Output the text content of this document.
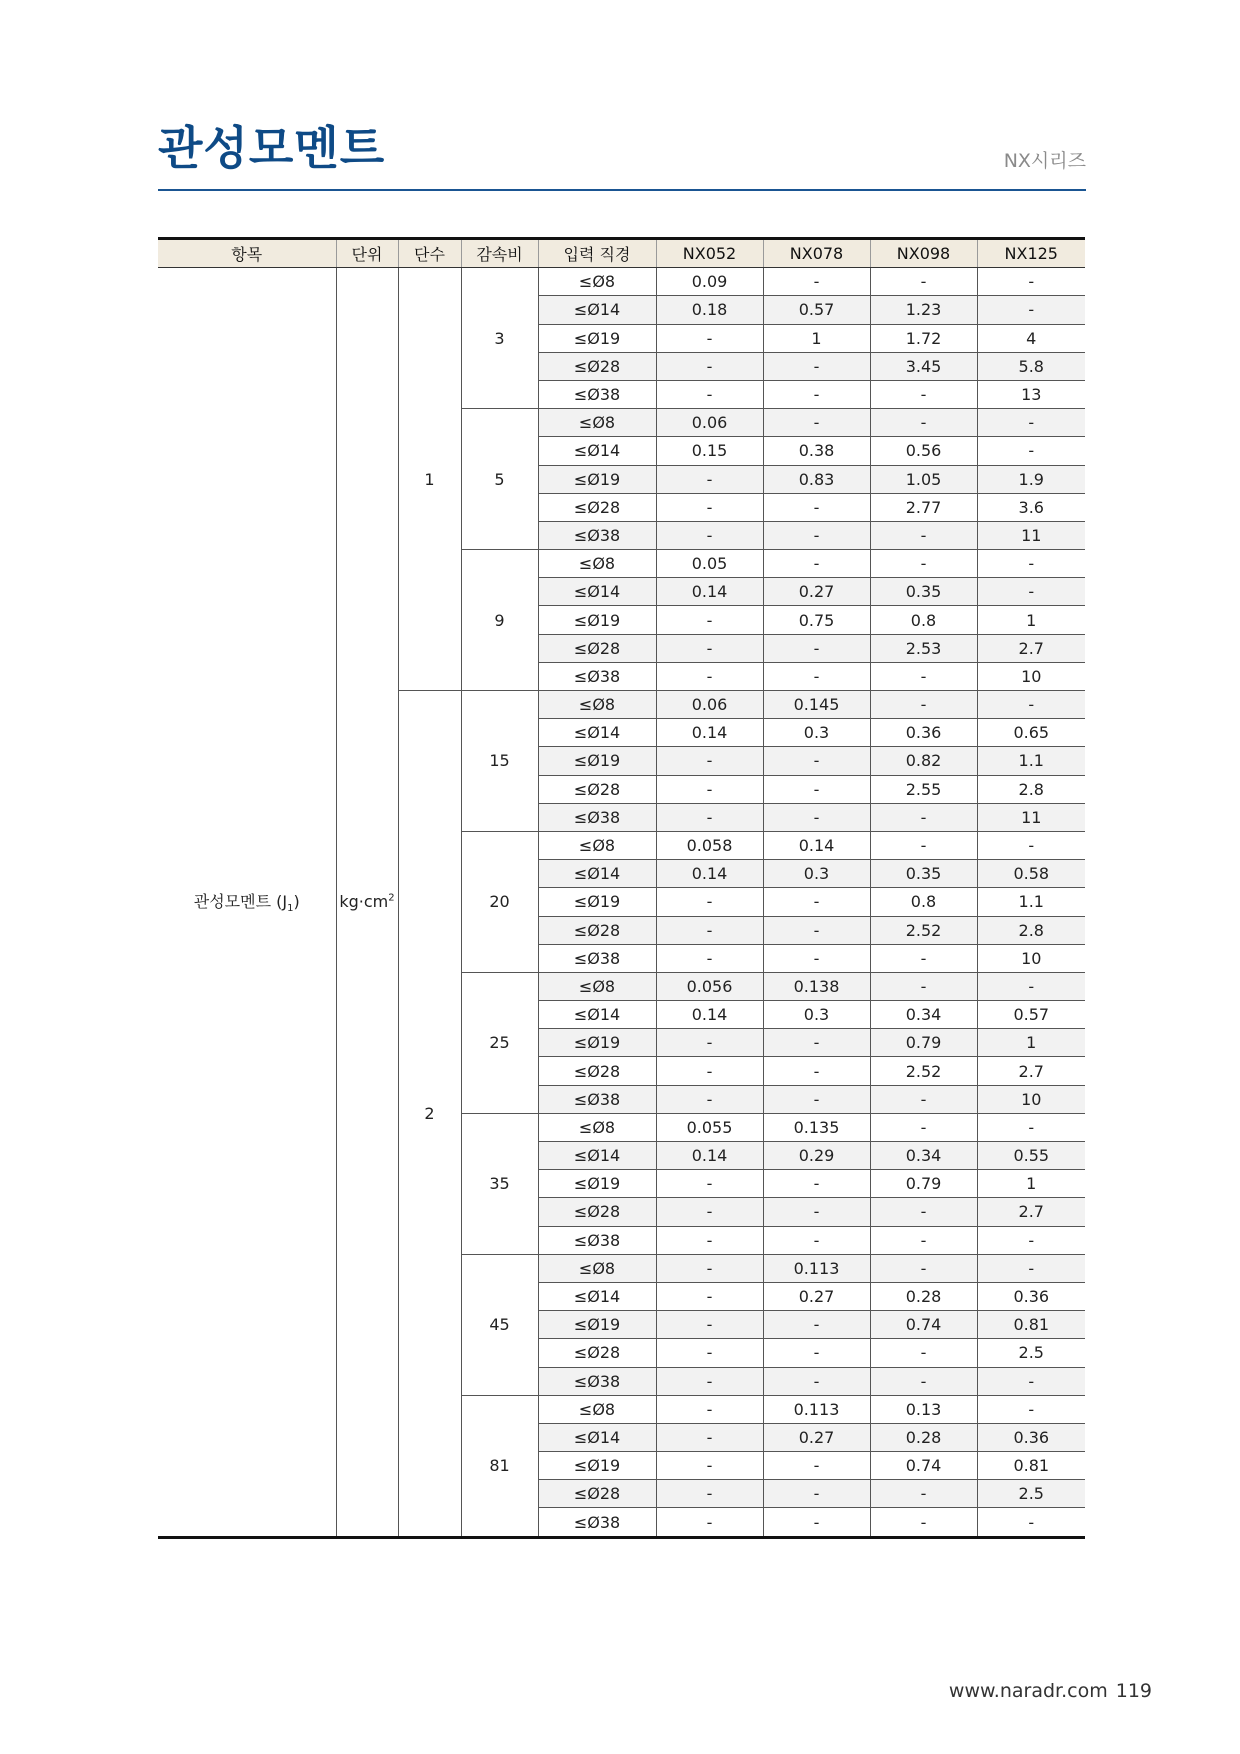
관성모멘트	NX시리즈
항목	단위	단수	감속비	입력 직경	NX052	NX078	NX098	NX125
관성모멘트 $(J_1)$	$kg\cdot cm^2$	1	3	≤Ø8	0.09	-	-	-
				≤Ø14	0.18	0.57	1.23	-
				≤Ø19	-	1	1.72	4
				≤Ø28	-	-	3.45	5.8
				≤Ø38	-	-	-	13
			5	≤Ø8	0.06	-	-	-
				≤Ø14	0.15	0.38	0.56	-
				≤Ø19	-	0.83	1.05	1.9
				≤Ø28	-	-	2.77	3.6
				≤Ø38	-	-	-	11
			9	≤Ø8	0.05	-	-	-
				≤Ø14	0.14	0.27	0.35	-
				≤Ø19	-	0.75	0.8	1
				≤Ø28	-	-	2.53	2.7
				≤Ø38	-	-	-	10
		2	15	≤Ø8	0.06	0.145	-	-
				≤Ø14	0.14	0.3	0.36	0.65
				≤Ø19	-	-	0.82	1.1
				≤Ø28	-	-	2.55	2.8
				≤Ø38	-	-	-	11
			20	≤Ø8	0.058	0.14	-	-
				≤Ø14	0.14	0.3	0.35	0.58
				≤Ø19	-	-	0.8	1.1
				≤Ø28	-	-	2.52	2.8
				≤Ø38	-	-	-	10
			25	≤Ø8	0.056	0.138	-	-
				≤Ø14	0.14	0.3	0.34	0.57
				≤Ø19	-	-	0.79	1
				≤Ø28	-	-	2.52	2.7
				≤Ø38	-	-	-	10
			35	≤Ø8	0.055	0.135	-	-
				≤Ø14	0.14	0.29	0.34	0.55
				≤Ø19	-	-	0.79	1
				≤Ø28	-	-	-	2.7
				≤Ø38	-	-	-	-
			45	≤Ø8	-	0.113	-	-
				≤Ø14	-	0.27	0.28	0.36
				≤Ø19	-	-	0.74	0.81
				≤Ø28	-	-	-	2.5
				≤Ø38	-	-	-	-
			81	≤Ø8	-	0.113	0.13	-
				≤Ø14	-	0.27	0.28	0.36
				≤Ø19	-	-	0.74	0.81
				≤Ø28	-	-	-	2.5
				≤Ø38	-	-	-	-
www.naradr.com 119
